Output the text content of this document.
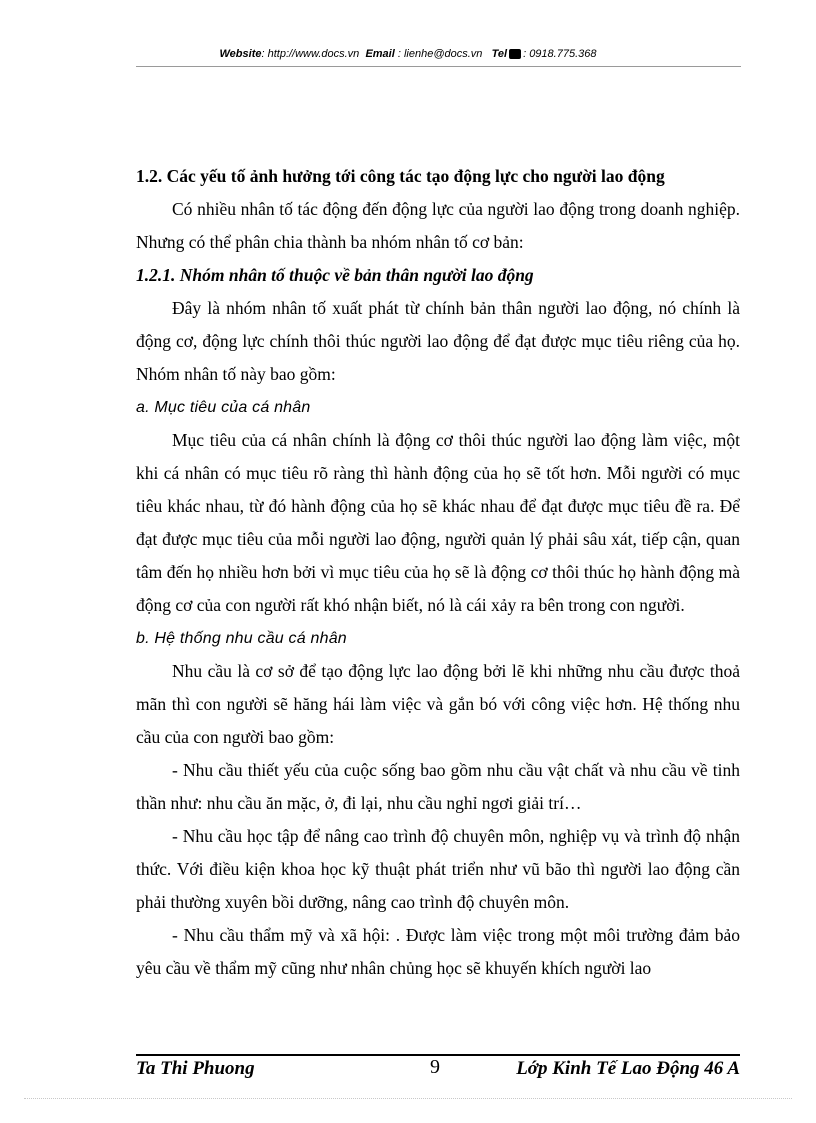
Website: http://www.docs.vn Email : lienhe@docs.vn Tel : 0918.775.368

1.2. Các yếu tố ảnh hưởng tới công tác tạo động lực cho người lao động

Có nhiều nhân tố tác động đến động lực của người lao động trong doanh nghiệp. Nhưng có thể phân chia thành ba nhóm nhân tố cơ bản:

1.2.1. Nhóm nhân tố thuộc về bản thân người lao động

Đây là nhóm nhân tố xuất phát từ chính bản thân người lao động, nó chính là động cơ, động lực chính thôi thúc người lao động để đạt được mục tiêu riêng của họ. Nhóm nhân tố này bao gồm:

a. Mục tiêu của cá nhân

Mục tiêu của cá nhân chính là động cơ thôi thúc người lao động làm việc, một khi cá nhân có mục tiêu rõ ràng thì hành động của họ sẽ tốt hơn. Mỗi người có mục tiêu khác nhau, từ đó hành động của họ sẽ khác nhau để đạt được mục tiêu đề ra. Để đạt được mục tiêu của mỗi người lao động, người quản lý phải sâu xát, tiếp cận, quan tâm đến họ nhiều hơn bởi vì mục tiêu của họ sẽ là động cơ thôi thúc họ hành động mà động cơ của con người rất khó nhận biết, nó là cái xảy ra bên trong con người.

b. Hệ thống nhu cầu cá nhân

Nhu cầu là cơ sở để tạo động lực lao động bởi lẽ khi những nhu cầu được thoả mãn thì con người sẽ hăng hái làm việc và gắn bó với công việc hơn. Hệ thống nhu cầu của con người bao gồm:

- Nhu cầu thiết yếu của cuộc sống bao gồm nhu cầu vật chất và nhu cầu về tinh thần như: nhu cầu ăn mặc, ở, đi lại, nhu cầu nghỉ ngơi giải trí…

- Nhu cầu học tập để nâng cao trình độ chuyên môn, nghiệp vụ và trình độ nhận thức. Với điều kiện khoa học kỹ thuật phát triển như vũ bão thì người lao động cần phải thường xuyên bồi dưỡng, nâng cao trình độ chuyên môn.

- Nhu cầu thẩm mỹ và xã hội: . Được làm việc trong một môi trường đảm bảo yêu cầu về thẩm mỹ cũng như nhân chủng học sẽ khuyến khích người lao

Ta Thi Phuong	9	Lớp Kinh Tế Lao Động 46 A
